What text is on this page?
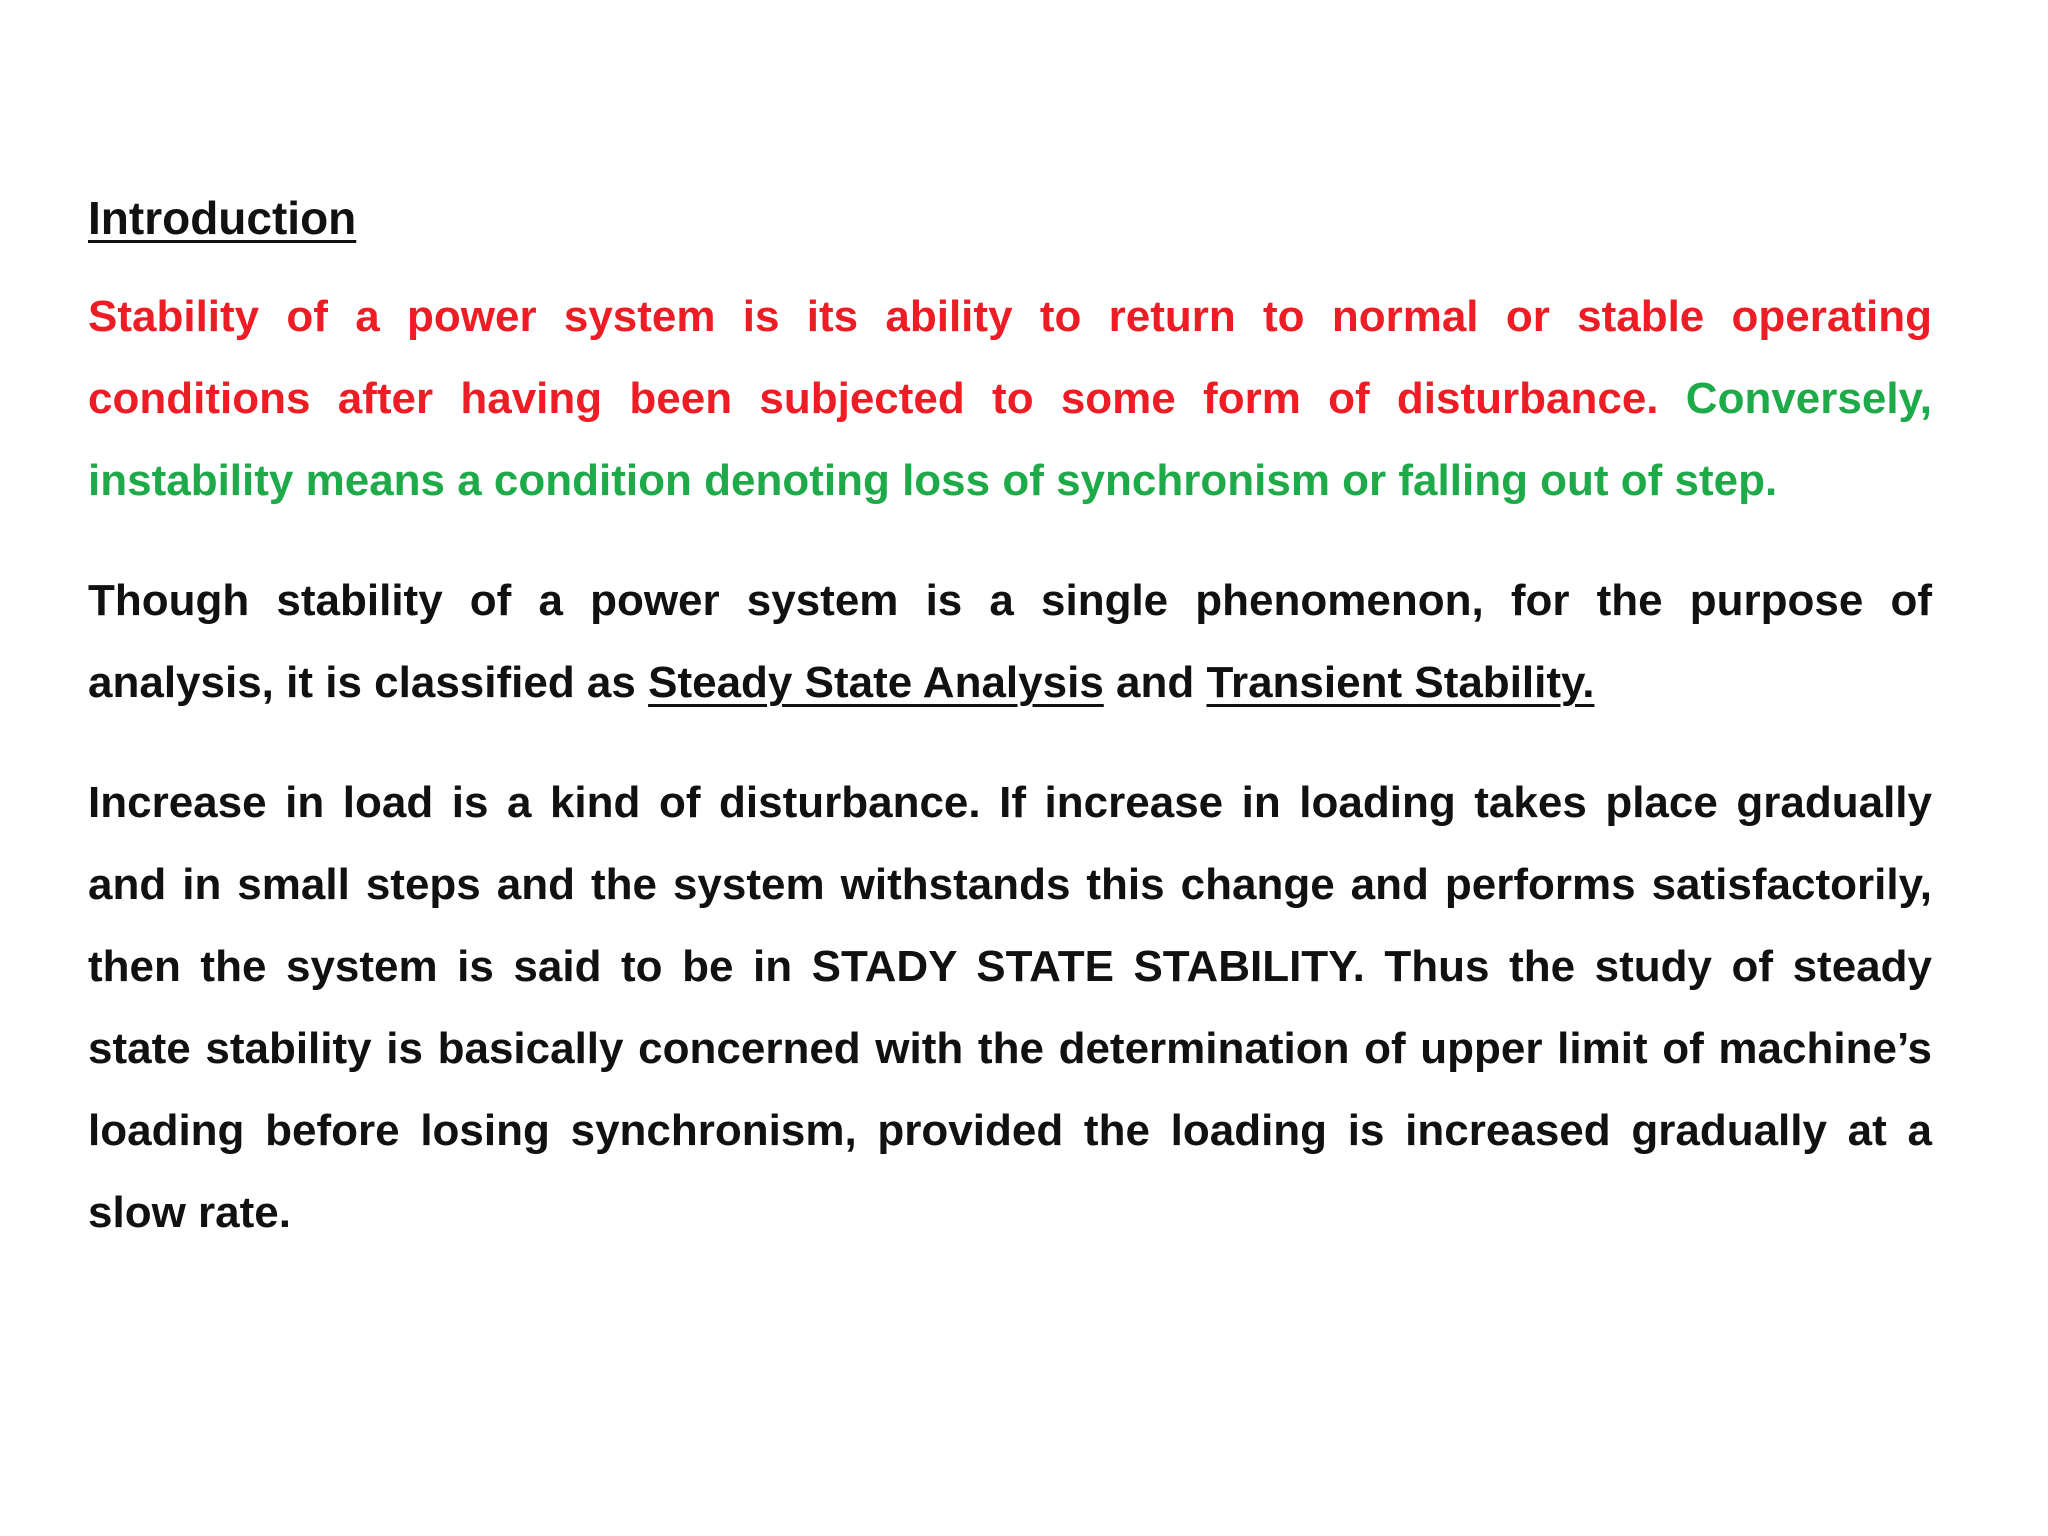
Introduction

Stability of a power system is its ability to return to normal or stable operating conditions after having been subjected to some form of disturbance. Conversely, instability means a condition denoting loss of synchronism or falling out of step.

Though stability of a power system is a single phenomenon, for the purpose of analysis, it is classified as Steady State Analysis and Transient Stability.

Increase in load is a kind of disturbance. If increase in loading takes place gradually and in small steps and the system withstands this change and performs satisfactorily, then the system is said to be in STADY STATE STABILITY. Thus the study of steady state stability is basically concerned with the determination of upper limit of machine’s loading before losing synchronism, provided the loading is increased gradually at a slow rate.
